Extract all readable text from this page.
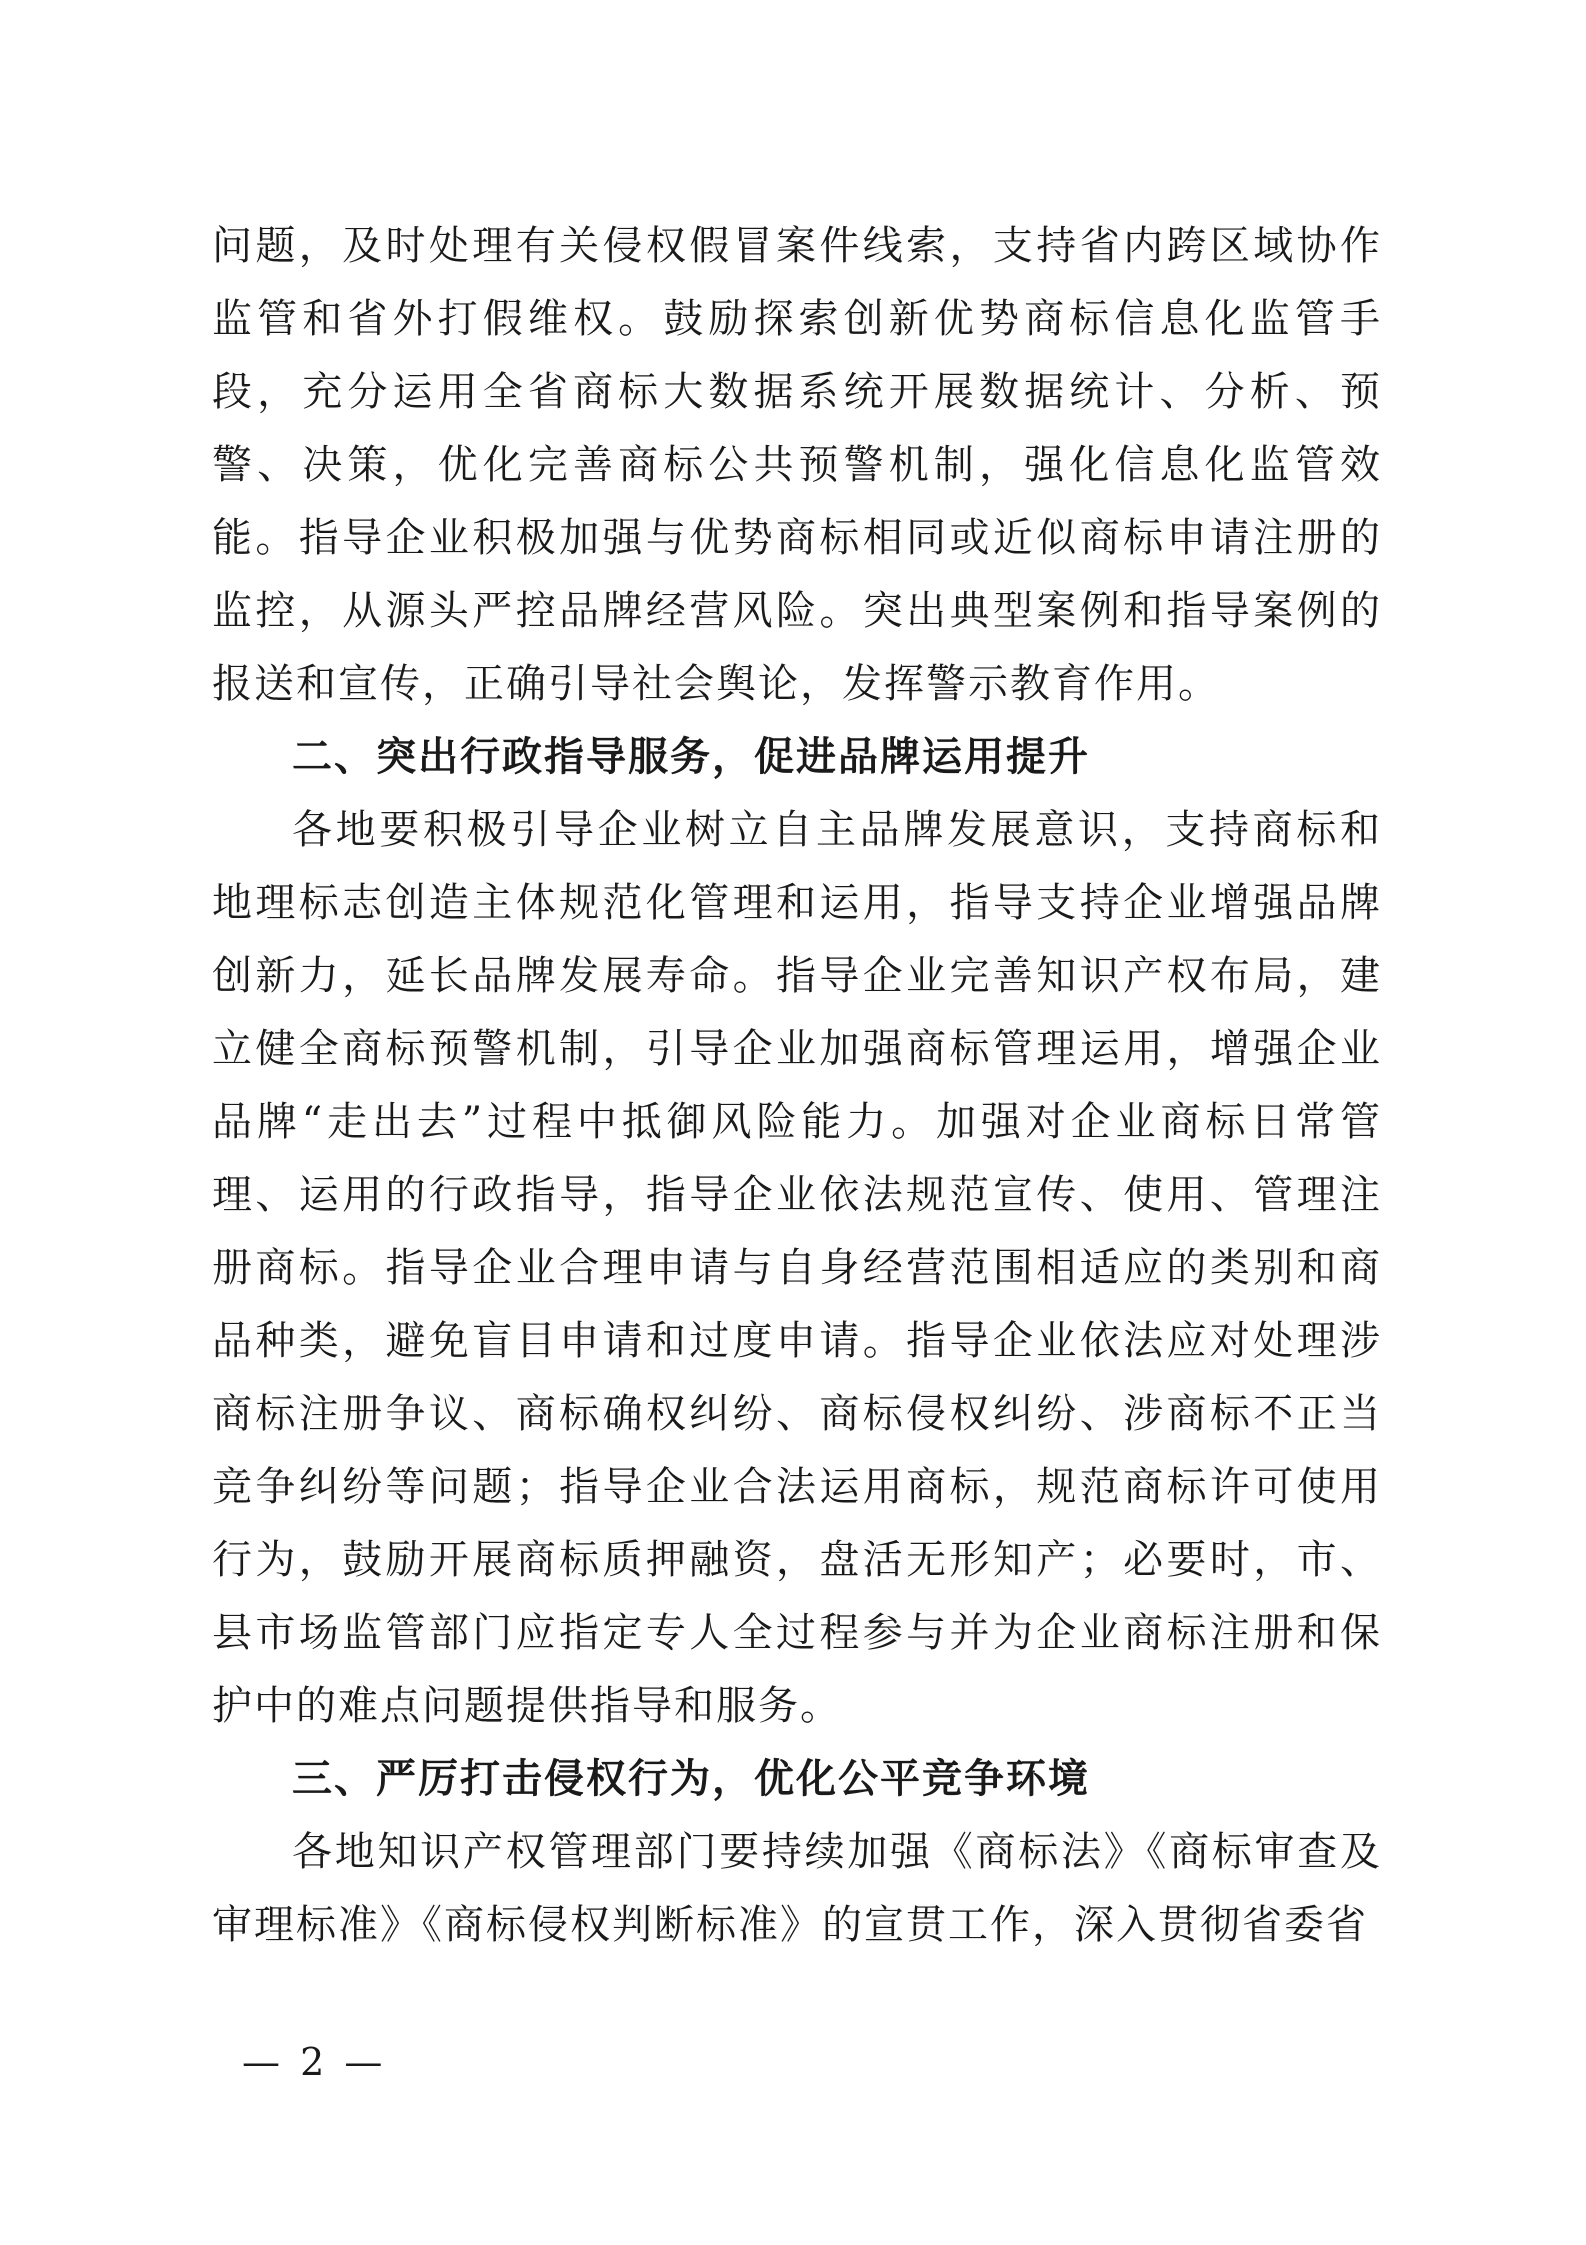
问题，及时处理有关侵权假冒案件线索，支持省内跨区域协作监管和省外打假维权。鼓励探索创新优势商标信息化监管手段，充分运用全省商标大数据系统开展数据统计、分析、预警、决策，优化完善商标公共预警机制，强化信息化监管效能。指导企业积极加强与优势商标相同或近似商标申请注册的监控，从源头严控品牌经营风险。突出典型案例和指导案例的报送和宣传，正确引导社会舆论，发挥警示教育作用。

二、突出行政指导服务，促进品牌运用提升

各地要积极引导企业树立自主品牌发展意识，支持商标和地理标志创造主体规范化管理和运用，指导支持企业增强品牌创新力，延长品牌发展寿命。指导企业完善知识产权布局，建立健全商标预警机制，引导企业加强商标管理运用，增强企业品牌“走出去”过程中抵御风险能力。加强对企业商标日常管理、运用的行政指导，指导企业依法规范宣传、使用、管理注册商标。指导企业合理申请与自身经营范围相适应的类别和商品种类，避免盲目申请和过度申请。指导企业依法应对处理涉商标注册争议、商标确权纠纷、商标侵权纠纷、涉商标不正当竞争纠纷等问题；指导企业合法运用商标，规范商标许可使用行为，鼓励开展商标质押融资，盘活无形知产；必要时，市、县市场监管部门应指定专人全过程参与并为企业商标注册和保护中的难点问题提供指导和服务。

三、严厉打击侵权行为，优化公平竞争环境

各地知识产权管理部门要持续加强《商标法》《商标审查及审理标准》《商标侵权判断标准》的宣贯工作，深入贯彻省委省

— 2 —
